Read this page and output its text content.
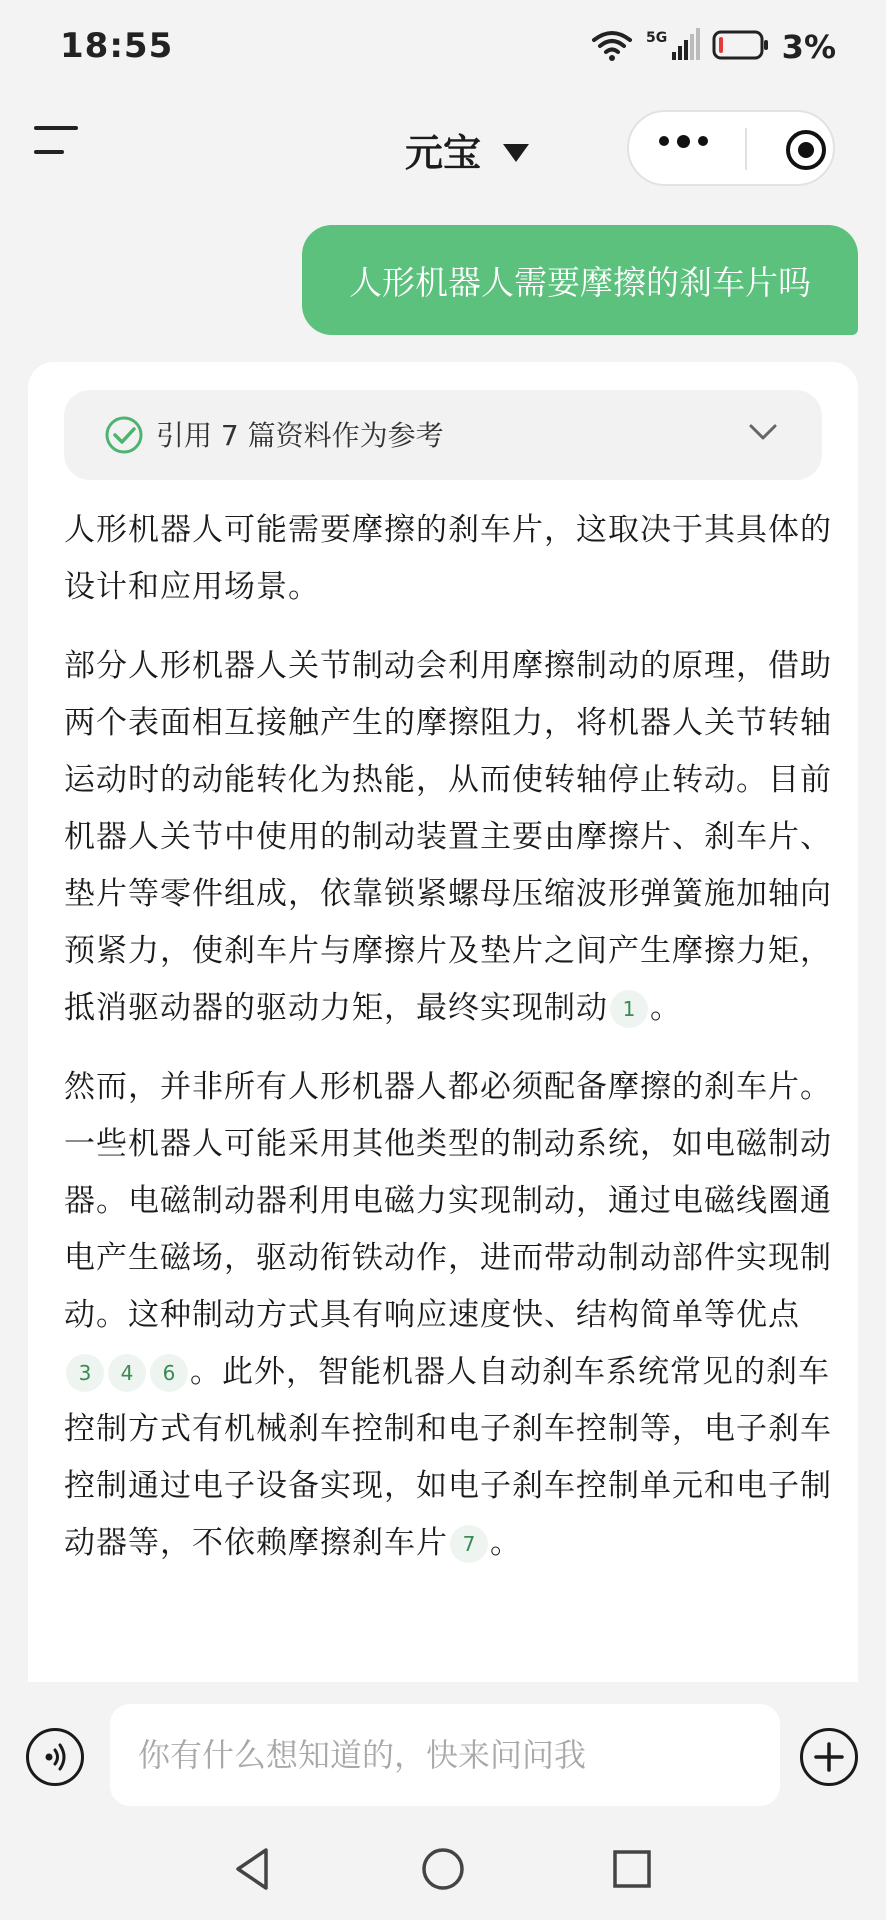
18:55	5G	3%
元宝
人形机器人需要摩擦的刹车片吗
引用 7 篇资料作为参考

人形机器人可能需要摩擦的刹车片，这取决于其具体的设计和应用场景。

部分人形机器人关节制动会利用摩擦制动的原理，借助两个表面相互接触产生的摩擦阻力，将机器人关节转轴运动时的动能转化为热能，从而使转轴停止转动。目前机器人关节中使用的制动装置主要由摩擦片、刹车片、垫片等零件组成，依靠锁紧螺母压缩波形弹簧施加轴向预紧力，使刹车片与摩擦片及垫片之间产生摩擦力矩，抵消驱动器的驱动力矩，最终实现制动 1 。

然而，并非所有人形机器人都必须配备摩擦的刹车片。一些机器人可能采用其他类型的制动系统，如电磁制动器。电磁制动器利用电磁力实现制动，通过电磁线圈通电产生磁场，驱动衔铁动作，进而带动制动部件实现制动。这种制动方式具有响应速度快、结构简单等优点3 4 6 。此外，智能机器人自动刹车系统常见的刹车控制方式有机械刹车控制和电子刹车控制等，电子刹车控制通过电子设备实现，如电子刹车控制单元和电子制动器等，不依赖摩擦刹车片 7 。

你有什么想知道的，快来问问我
